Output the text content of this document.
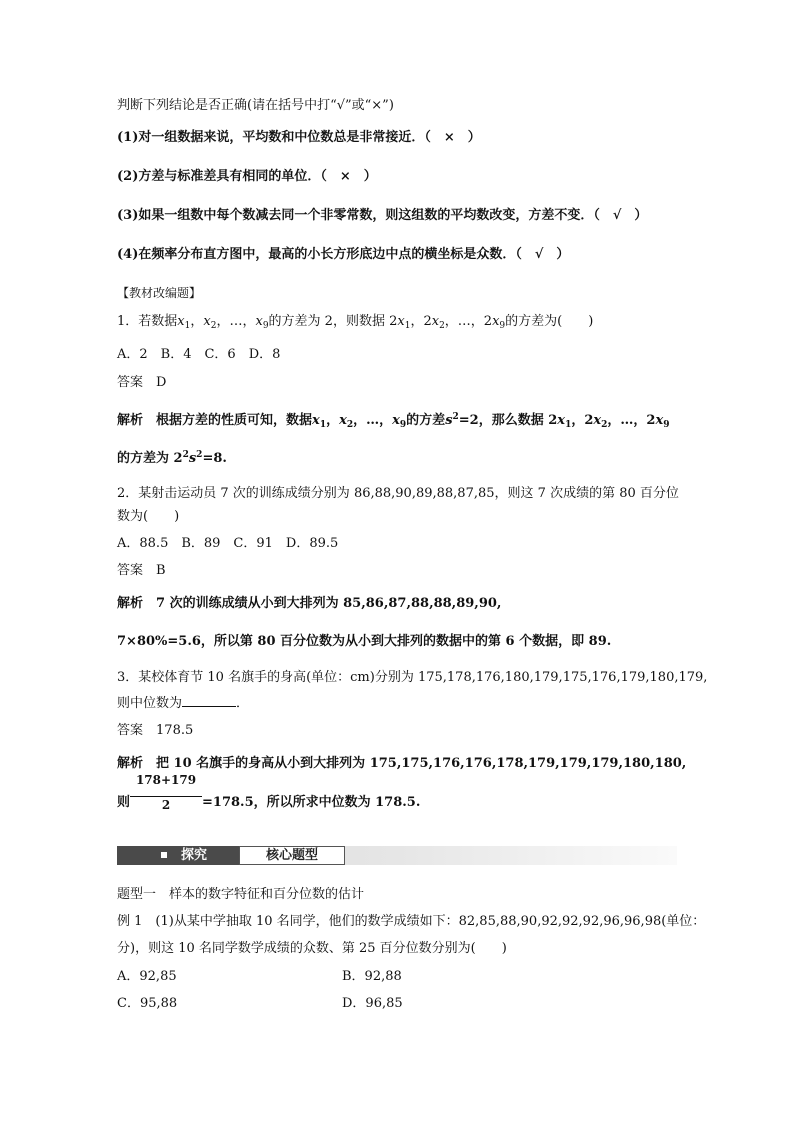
判断下列结论是否正确(请在括号中打“√”或“×”)
(1)对一组数据来说，平均数和中位数总是非常接近．（　×　）
(2)方差与标准差具有相同的单位．（　×　）
(3)如果一组数中每个数减去同一个非零常数，则这组数的平均数改变，方差不变．（　√　）
(4)在频率分布直方图中，最高的小长方形底边中点的横坐标是众数．（　√　）
【教材改编题】
1．若数据$x_1$，$x_2$，…，$x_9$的方差为 2，则数据 $2x_1$，$2x_2$，…，$2x_9$的方差为(　　)
A．2　B．4　C．6　D．8
答案　 D
解析　 根据方差的性质可知，数据$x_1$，$x_2$，…，$x_9$的方差$s^2=2$，那么数据 $2x_1$，$2x_2$，…，$2x_9$
的方差为 $2^2s^2=8$.
2．某射击运动员 7 次的训练成绩分别为 86,88,90,89,88,87,85，则这 7 次成绩的第 80 百分位
数为(　　)
A．88.5　B．89　C．91　D．89.5
答案　 B
解析　 7 次的训练成绩从小到大排列为 85,86,87,88,88,89,90,
7×80%=5.6，所以第 80 百分位数为从小到大排列的数据中的第 6 个数据，即 89.
3．某校体育节 10 名旗手的身高(单位：cm)分别为 175,178,176,180,179,175,176,179,180,179,
则中位数为	．
答案　 178.5
解析　 把 10 名旗手的身高从小到大排列为 175,175,176,176,178,179,179,179,180,180,
则 $\frac{178+179}{2} =178.5$，所以所求中位数为 178.5.
探究	核心题型
题型一　样本的数字特征和百分位数的估计
例 1　(1)从某中学抽取 10 名同学，他们的数学成绩如下：82,85,88,90,92,92,92,96,96,98(单位：
分)，则这 10 名同学数学成绩的众数、第 25 百分位数分别为(　　)
A．92,85	B．92,88
C．95,88	D．96,85
